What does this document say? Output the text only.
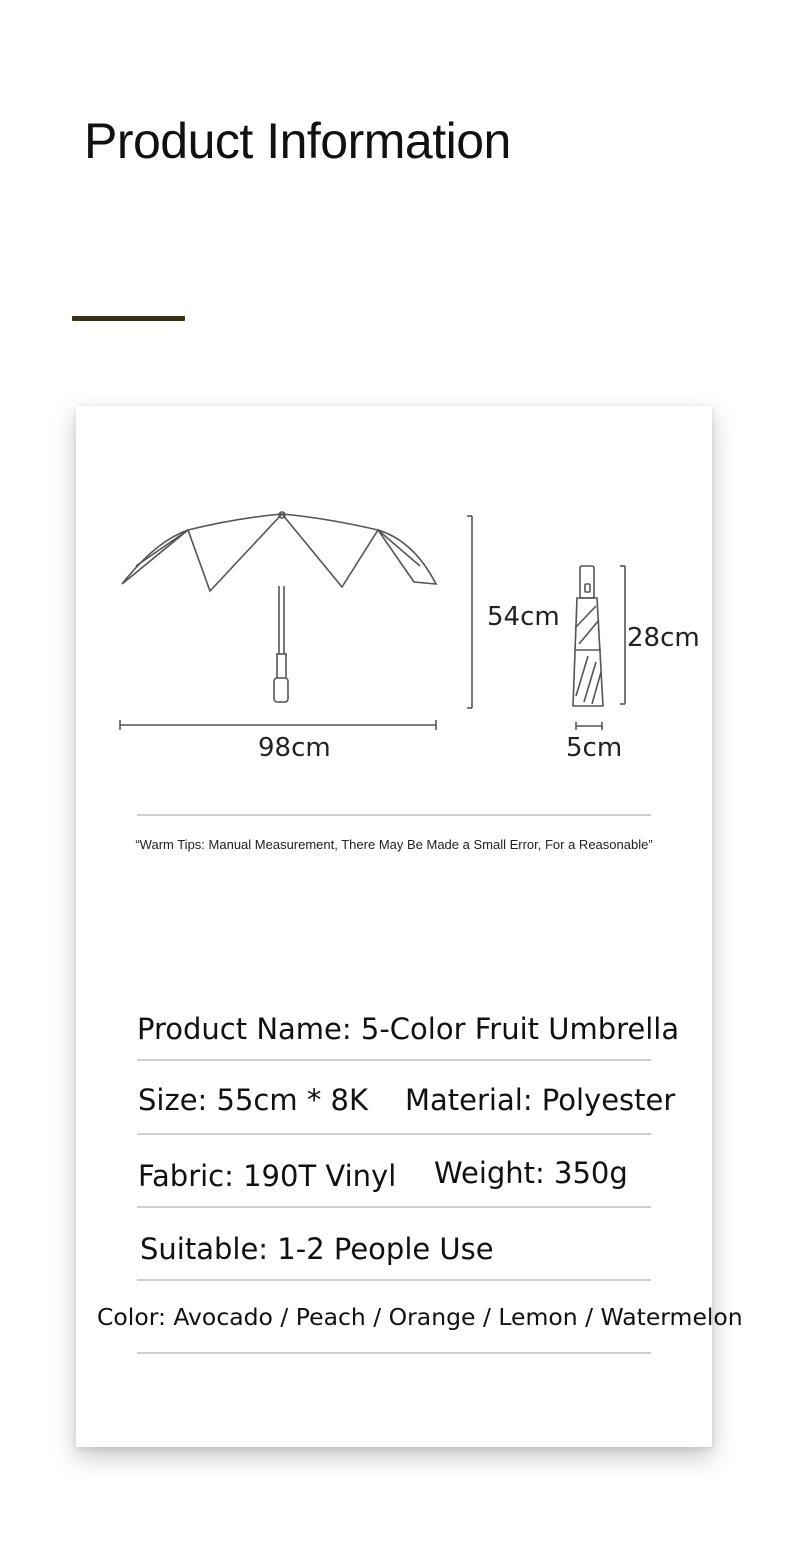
Product Information
98cm
54cm
28cm
5cm
“Warm Tips: Manual Measurement, There May Be Made a Small Error, For a Reasonable”
Product Name: 5-Color Fruit Umbrella
Size: 55cm * 8K Material: Polyester
Fabric: 190T Vinyl Weight: 350g
Suitable: 1-2 People Use
Color: Avocado / Peach / Orange / Lemon / Watermelon
